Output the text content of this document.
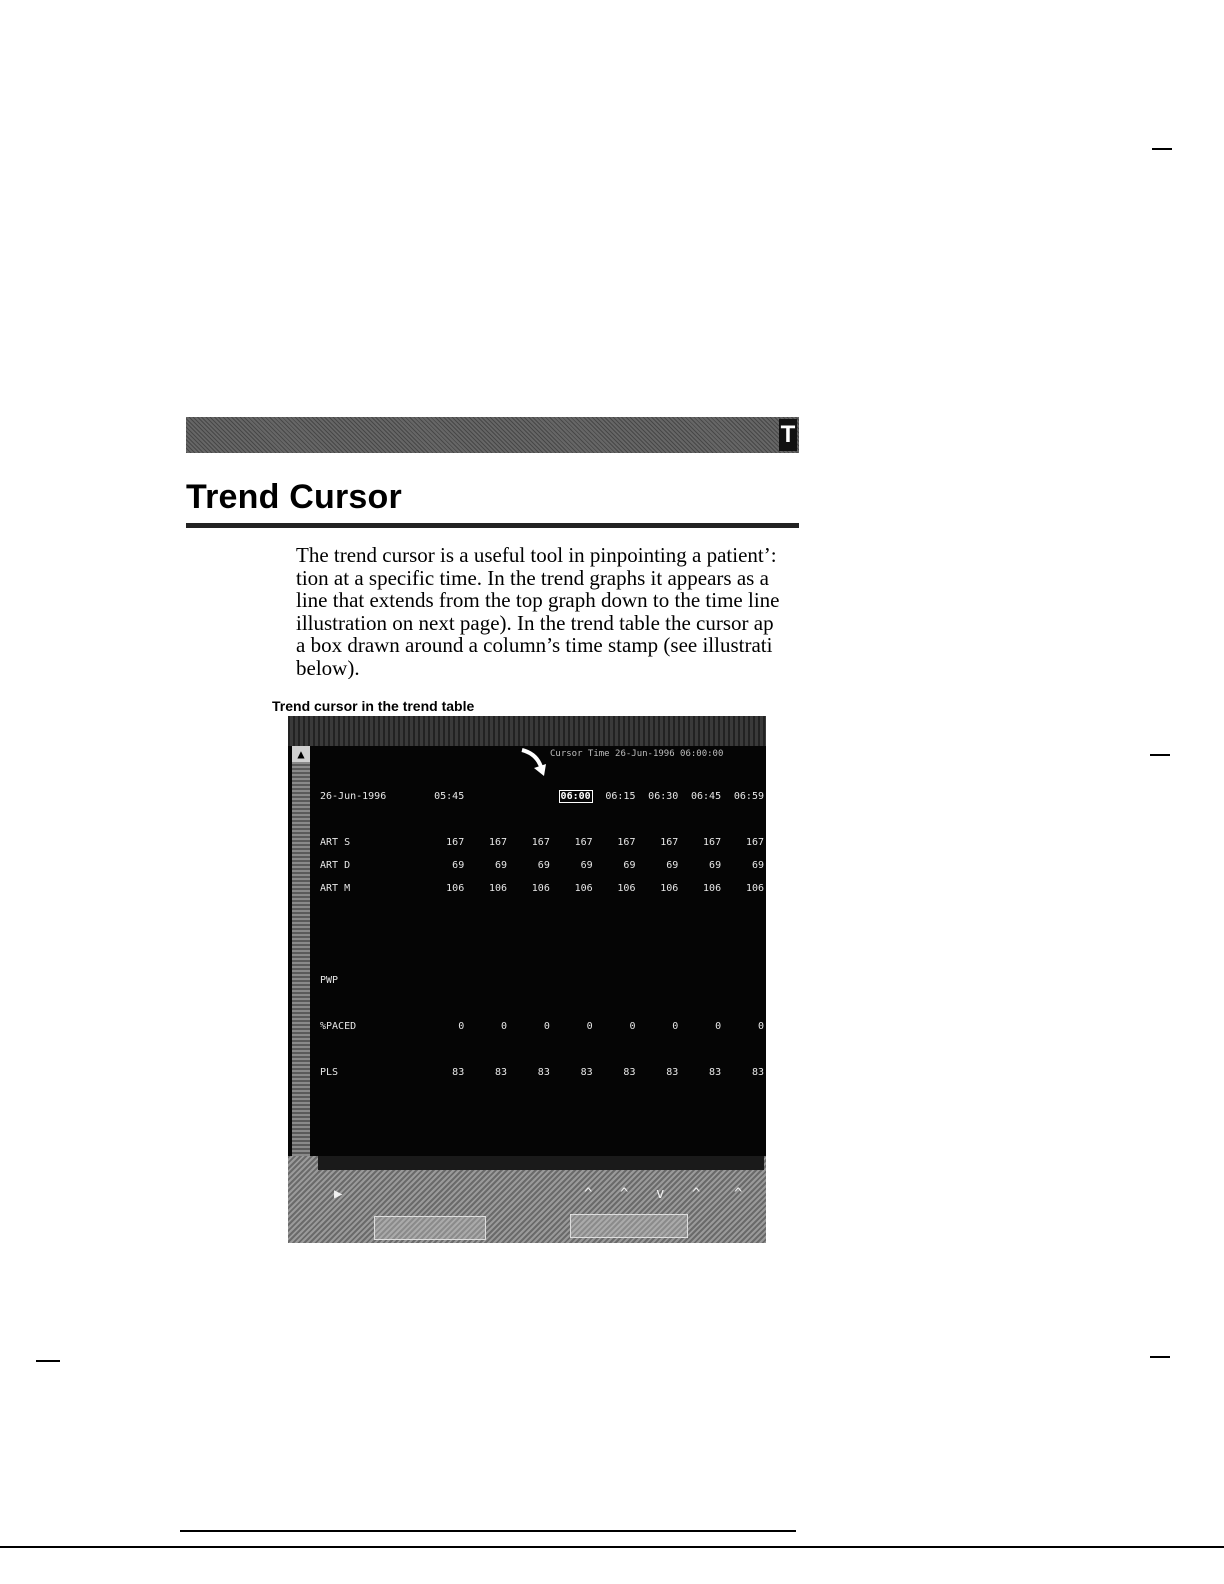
T
Trend Cursor

The trend cursor is a useful tool in pinpointing a patient’:
tion at a specific time. In the trend graphs it appears as a
line that extends from the top graph down to the time line
illustration on next page). In the trend table the cursor ap
a box drawn around a column’s time stamp (see illustrati
below).

Trend cursor in the trend table

▲	Cursor Time 26-Jun-1996 06:00:00
26-Jun-1996	05:45			06:00	06:15	06:30	06:45	06:59

ART S	167	167	167	167	167	167	167	167
ART D	69	69	69	69	69	69	69	69
ART M	106	106	106	106	106	106	106	106

PWP								

%PACED	0	0	0	0	0	0	0	0

PLS	83	83	83	83	83	83	83	83

▶	^ ^ v ^ ^
